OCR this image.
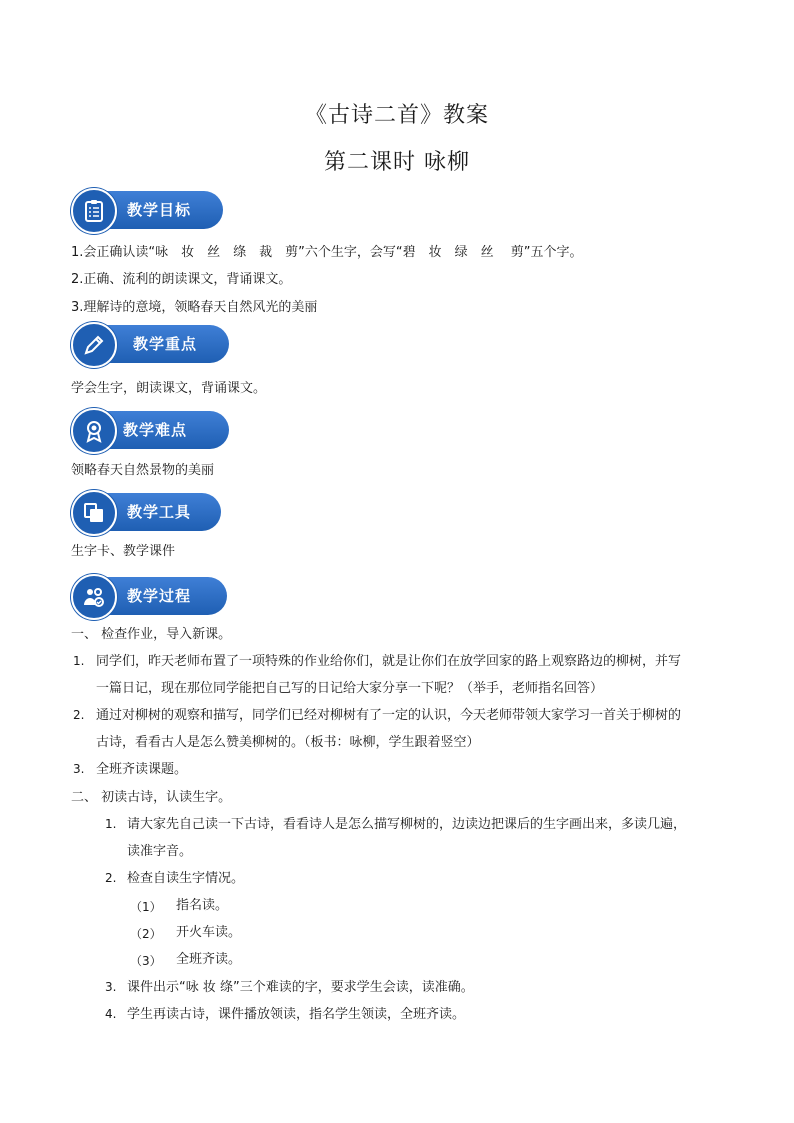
《古诗二首》教案
第二课时 咏柳
教学目标
1.会正确认读“咏　妆　丝　绦　裁　剪”六个生字，会写“碧　妆　绿　丝　 剪”五个字。
2.正确、流利的朗读课文，背诵课文。
3.理解诗的意境，领略春天自然风光的美丽
教学重点
学会生字，朗读课文，背诵课文。
教学难点
领略春天自然景物的美丽
教学工具
生字卡、教学课件
教学过程
一、 检查作业，导入新课。
1. 同学们，昨天老师布置了一项特殊的作业给你们，就是让你们在放学回家的路上观察路边的柳树，并写
一篇日记，现在那位同学能把自己写的日记给大家分享一下呢？（举手，老师指名回答）
2. 通过对柳树的观察和描写，同学们已经对柳树有了一定的认识，今天老师带领大家学习一首关于柳树的
古诗，看看古人是怎么赞美柳树的。（板书：咏柳，学生跟着竖空）
3. 全班齐读课题。
二、 初读古诗，认读生字。
1. 请大家先自己读一下古诗，看看诗人是怎么描写柳树的，边读边把课后的生字画出来，多读几遍，
读准字音。
2. 检查自读生字情况。
（1） 指名读。
（2） 开火车读。
（3） 全班齐读。
3. 课件出示“咏 妆 绦”三个难读的字，要求学生会读，读准确。
4. 学生再读古诗，课件播放领读，指名学生领读，全班齐读。
